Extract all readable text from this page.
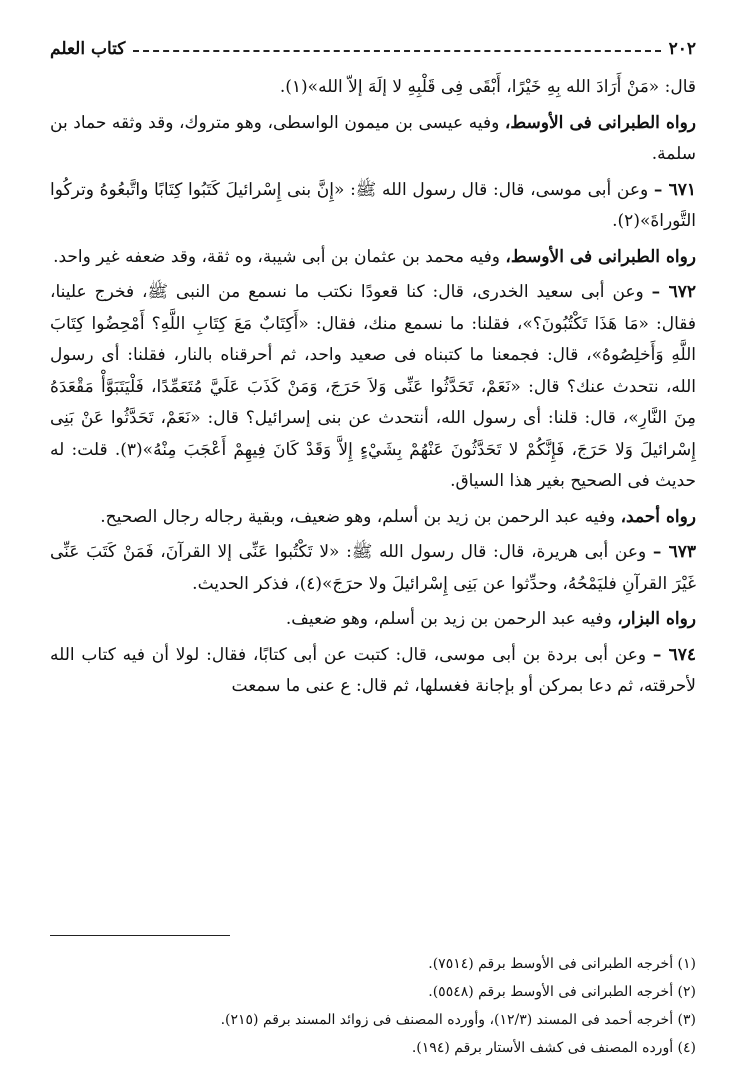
٢٠٢
كتاب العلم

قال: «مَنْ أَرَادَ الله بِهِ خَيْرًا، أَبْقَى فِى قَلْبِهِ لا إلَهَ إلاّ الله»(١).

رواه الطبرانى فى الأوسط، وفيه عيسى بن ميمون الواسطى، وهو متروك، وقد وثقه حماد بن سلمة.

٦٧١ – وعن أبى موسى، قال: قال رسول الله ﷺ: «إِنَّ بنى إِسْرائيلَ كَتَبُوا كِتَابًا واتَّبعُوهُ وتركُوا التَّوراةَ»(٢).

رواه الطبرانى فى الأوسط، وفيه محمد بن عثمان بن أبى شيبة، وه ثقة، وقد ضعفه غير واحد.

٦٧٢ – وعن أبى سعيد الخدرى، قال: كنا قعودًا نكتب ما نسمع من النبى ﷺ، فخرج علينا، فقال: «مَا هَذَا تَكْتُبُونَ؟»، فقلنا: ما نسمع منك، فقال: «أَكِتَابٌ مَعَ كِتَابِ اللَّهِ؟ أَمْحِضُوا كِتَابَ اللَّهِ وَأَخلِصُوهُ»، قال: فجمعنا ما كتبناه فى صعيد واحد، ثم أحرقناه بالنار، فقلنا: أى رسول الله، نتحدث عنك؟ قال: «نَعَمْ، تَحَدَّثُوا عَنِّى وَلاَ حَرَجَ، وَمَنْ كَذَبَ عَلَيَّ مُتَعَمِّدًا، فَلْيَتَبَوَّأْ مَقْعَدَهُ مِنَ النَّارِ»، قال: قلنا: أى رسول الله، أنتحدث عن بنى إسرائيل؟ قال: «نَعَمْ، تَحَدَّثُوا عَنْ بَنِى إِسْرائيلَ وَلا حَرَجَ، فَإِنَّكُمْ لا تَحَدَّثُونَ عَنْهُمْ بِشَيْءٍ إِلاَّ وَقَدْ كَانَ فِيهِمْ أَعْجَبَ مِنْهُ»(٣). قلت: له حديث فى الصحيح بغير هذا السياق.

رواه أحمد، وفيه عبد الرحمن بن زيد بن أسلم، وهو ضعيف، وبقية رجاله رجال الصحيح.

٦٧٣ – وعن أبى هريرة، قال: قال رسول الله ﷺ: «لا تَكْتُبوا عَنِّى إلا القرآنَ، فَمَنْ كَتَبَ عَنِّى غَيْرَ القرآنِ فليَمْحُهُ، وحدِّثوا عن بَنِى إِسْرائيلَ ولا حرَجَ»(٤)، فذكر الحديث.

رواه البزار، وفيه عبد الرحمن بن زيد بن أسلم، وهو ضعيف.

٦٧٤ – وعن أبى بردة بن أبى موسى، قال: كتبت عن أبى كتابًا، فقال: لولا أن فيه كتاب الله لأحرقته، ثم دعا بمركن أو بإجانة فغسلها، ثم قال: ع عنى ما سمعت

(١) أخرجه الطبرانى فى الأوسط برقم (٧٥١٤).

(٢) أخرجه الطبرانى فى الأوسط برقم (٥٥٤٨).

(٣) أخرجه أحمد فى المسند (١٢/٣)، وأورده المصنف فى زوائد المسند برقم (٢١٥).

(٤) أورده المصنف فى كشف الأستار برقم (١٩٤).
